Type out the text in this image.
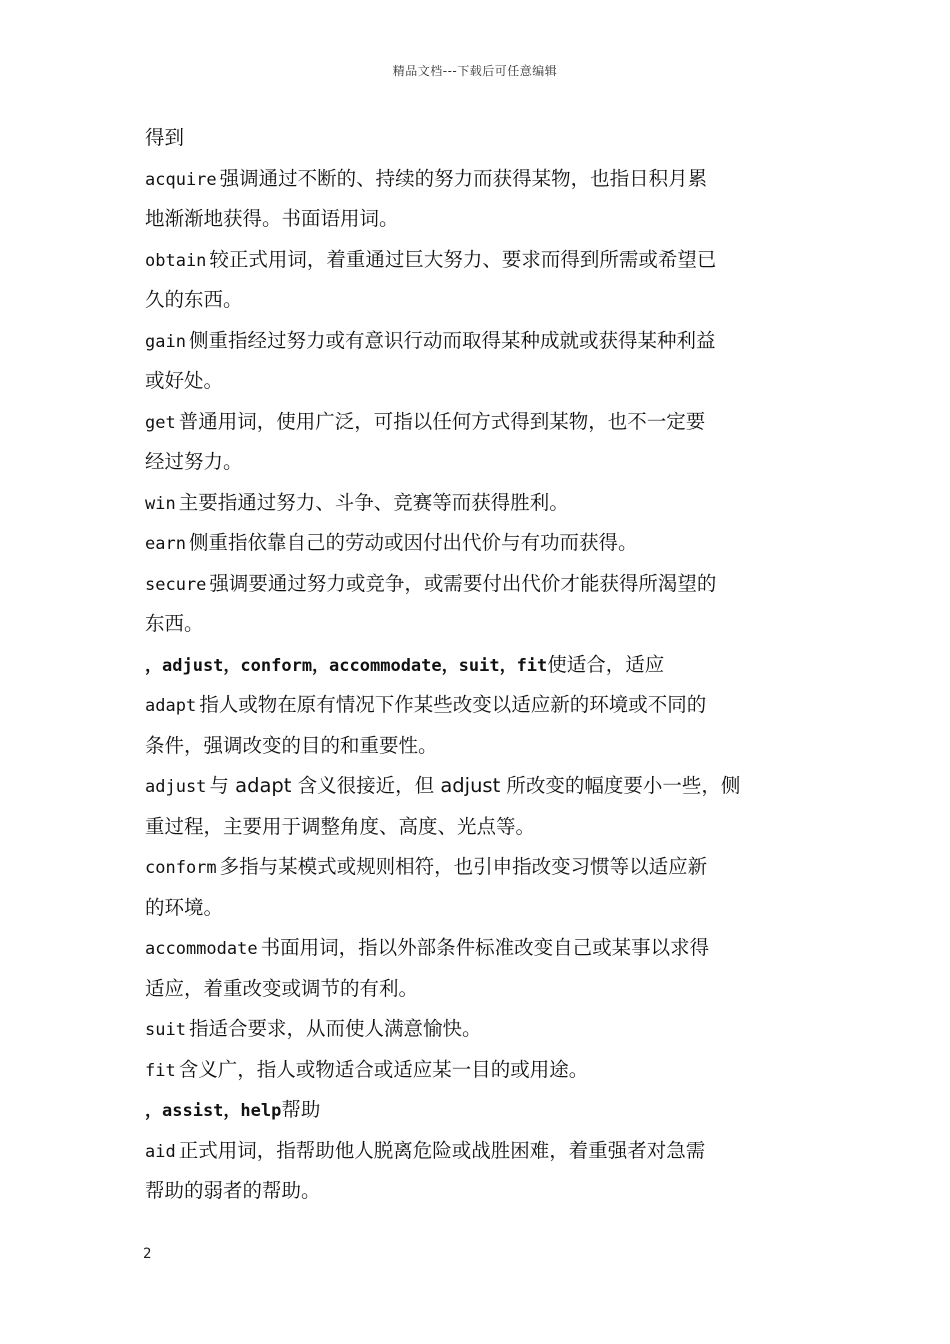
精品文档---下载后可任意编辑
得到
acquire 强调通过不断的、持续的努力而获得某物，也指日积月累
地渐渐地获得。书面语用词。
obtain 较正式用词，着重通过巨大努力、要求而得到所需或希望已
久的东西。
gain 侧重指经过努力或有意识行动而取得某种成就或获得某种利益
或好处。
get 普通用词，使用广泛，可指以任何方式得到某物，也不一定要
经过努力。
win 主要指通过努力、斗争、竞赛等而获得胜利。
earn 侧重指依靠自己的劳动或因付出代价与有功而获得。
secure 强调要通过努力或竞争，或需要付出代价才能获得所渴望的
东西。
，adjust，conform，accommodate，suit，fit使适合，适应
adapt 指人或物在原有情况下作某些改变以适应新的环境或不同的
条件，强调改变的目的和重要性。
adjust 与 adapt 含义很接近，但 adjust 所改变的幅度要小一些，侧
重过程，主要用于调整角度、高度、光点等。
conform 多指与某模式或规则相符，也引申指改变习惯等以适应新
的环境。
accommodate 书面用词，指以外部条件标准改变自己或某事以求得
适应，着重改变或调节的有利。
suit 指适合要求，从而使人满意愉快。
fit 含义广，指人或物适合或适应某一目的或用途。
，assist，help帮助
aid 正式用词，指帮助他人脱离危险或战胜困难，着重强者对急需
帮助的弱者的帮助。
2
